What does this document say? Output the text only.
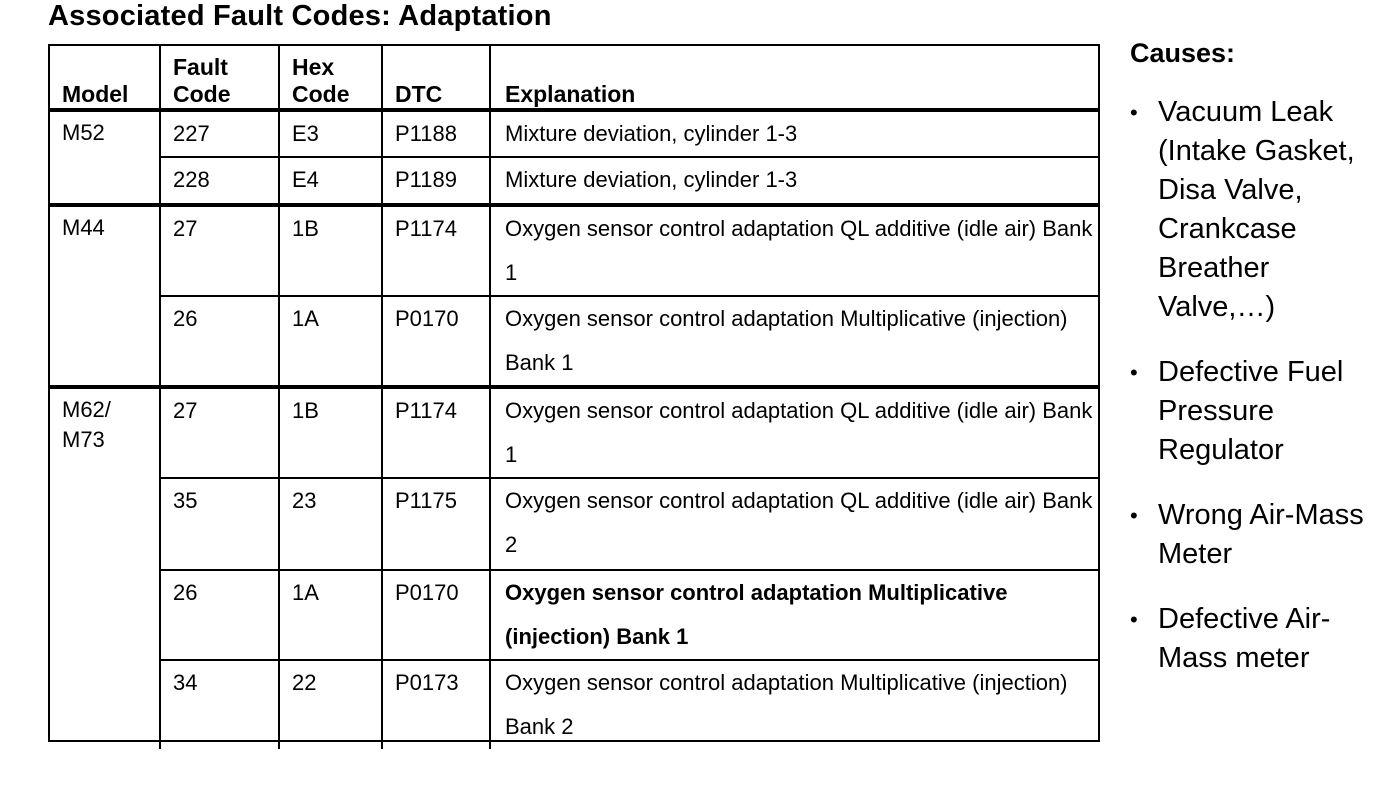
Associated Fault Codes: Adaptation
Model	Fault Code	Hex Code	DTC	Explanation
M52	227	E3	P1188	Mixture deviation, cylinder 1-3
	228	E4	P1189	Mixture deviation, cylinder 1-3
M44	27	1B	P1174	Oxygen sensor control adaptation QL additive (idle air) Bank 1
	26	1A	P0170	Oxygen sensor control adaptation Multiplicative (injection) Bank 1
M62/ M73	27	1B	P1174	Oxygen sensor control adaptation QL additive (idle air) Bank 1
	35	23	P1175	Oxygen sensor control adaptation QL additive (idle air) Bank 2
	26	1A	P0170	Oxygen sensor control adaptation Multiplicative (injection) Bank 1
	34	22	P0173	Oxygen sensor control adaptation Multiplicative (injection) Bank 2
Causes:
• Vacuum Leak (Intake Gasket, Disa Valve, Crankcase Breather Valve,…)
• Defective Fuel Pressure Regulator
• Wrong Air-Mass Meter
• Defective Air-Mass meter
